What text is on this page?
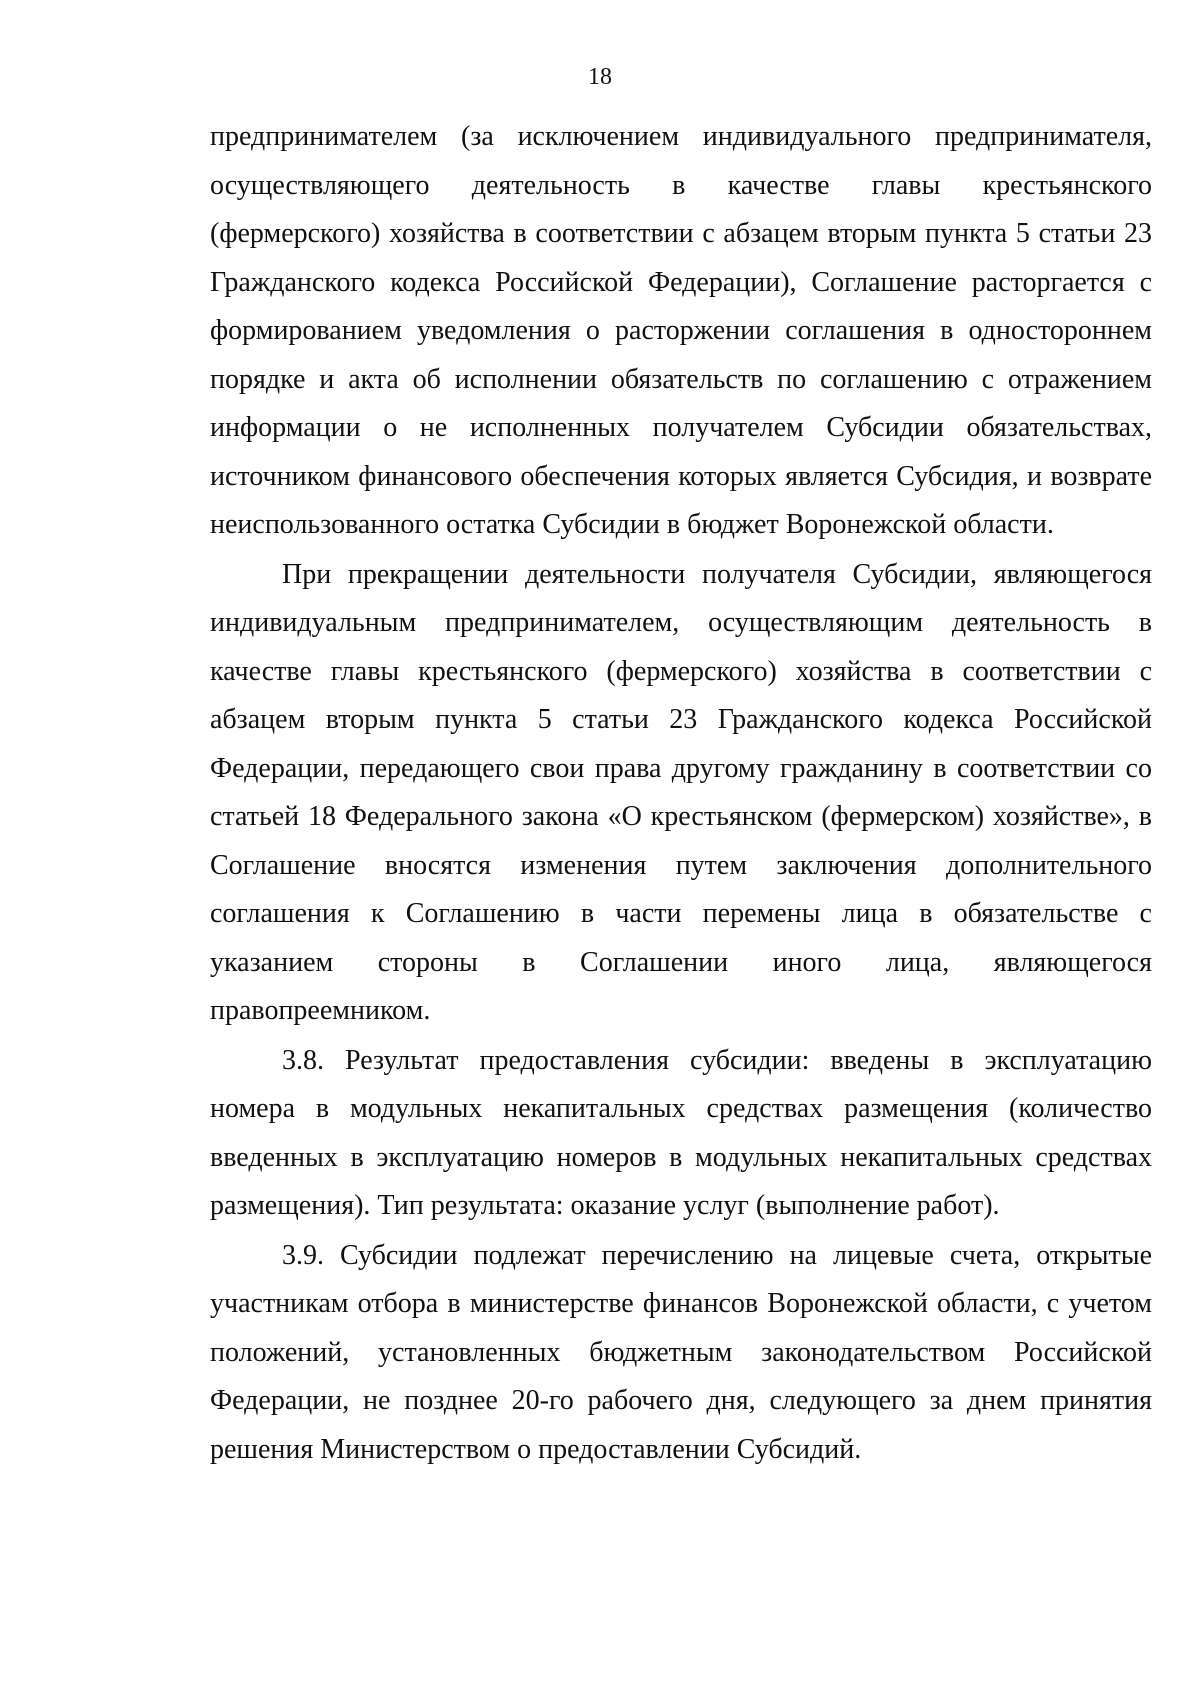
18

предпринимателем (за исключением индивидуального предпринимателя, осуществляющего деятельность в качестве главы крестьянского (фермерского) хозяйства в соответствии с абзацем вторым пункта 5 статьи 23 Гражданского кодекса Российской Федерации), Соглашение расторгается с формированием уведомления о расторжении соглашения в одностороннем порядке и акта об исполнении обязательств по соглашению с отражением информации о не исполненных получателем Субсидии обязательствах, источником финансового обеспечения которых является Субсидия, и возврате неиспользованного остатка Субсидии в бюджет Воронежской области.

При прекращении деятельности получателя Субсидии, являющегося индивидуальным предпринимателем, осуществляющим деятельность в качестве главы крестьянского (фермерского) хозяйства в соответствии с абзацем вторым пункта 5 статьи 23 Гражданского кодекса Российской Федерации, передающего свои права другому гражданину в соответствии со статьей 18 Федерального закона «О крестьянском (фермерском) хозяйстве», в Соглашение вносятся изменения путем заключения дополнительного соглашения к Соглашению в части перемены лица в обязательстве с указанием стороны в Соглашении иного лица, являющегося правопреемником.

3.8. Результат предоставления субсидии: введены в эксплуатацию номера в модульных некапитальных средствах размещения (количество введенных в эксплуатацию номеров в модульных некапитальных средствах размещения). Тип результата: оказание услуг (выполнение работ).

3.9. Субсидии подлежат перечислению на лицевые счета, открытые участникам отбора в министерстве финансов Воронежской области, с учетом положений, установленных бюджетным законодательством Российской Федерации, не позднее 20-го рабочего дня, следующего за днем принятия решения Министерством о предоставлении Субсидий.
